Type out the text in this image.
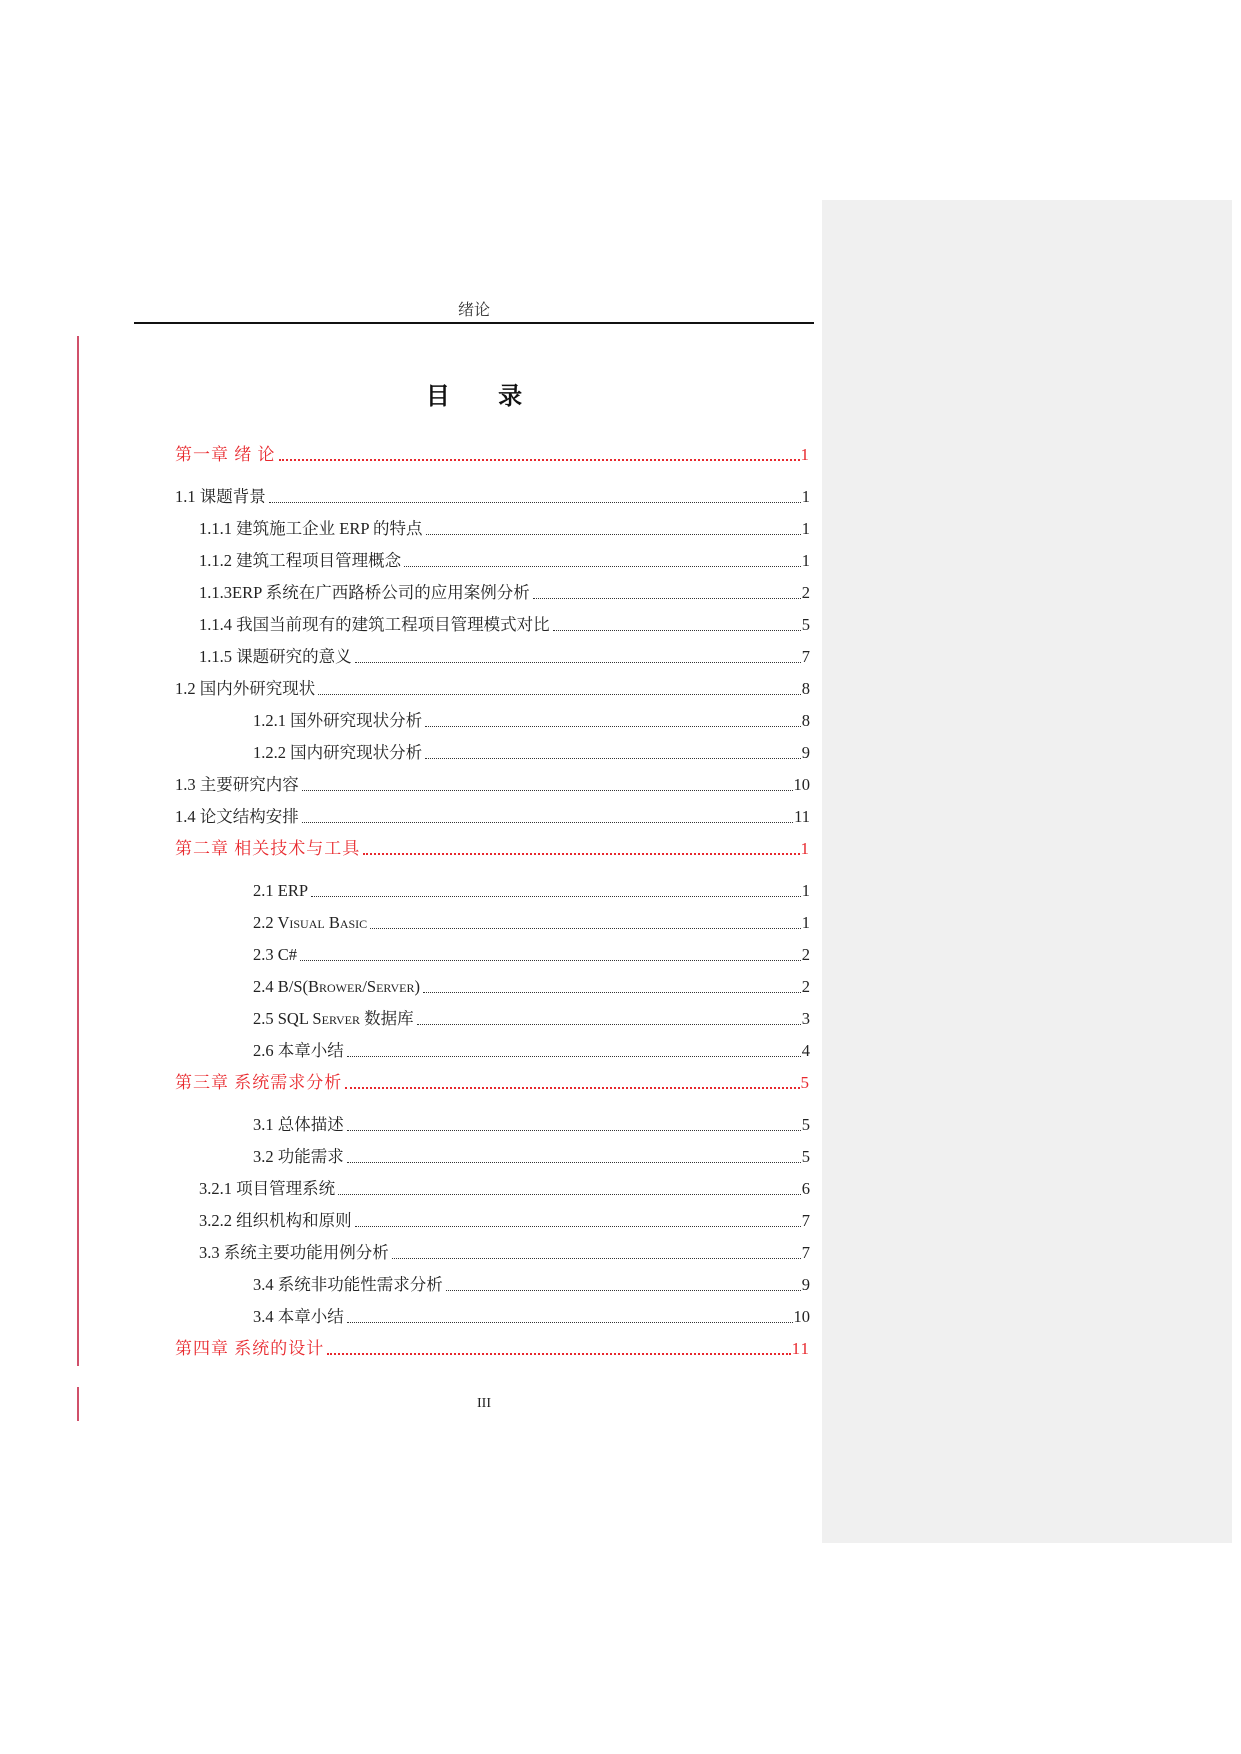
绪论
目 录
第一章 绪 论	1
1.1 课题背景	1
1.1.1 建筑施工企业 ERP 的特点	1
1.1.2 建筑工程项目管理概念	1
1.1.3ERP 系统在广西路桥公司的应用案例分析	2
1.1.4 我国当前现有的建筑工程项目管理模式对比	5
1.1.5 课题研究的意义	7
1.2 国内外研究现状	8
1.2.1 国外研究现状分析	8
1.2.2 国内研究现状分析	9
1.3 主要研究内容	10
1.4 论文结构安排	11
第二章 相关技术与工具	1
2.1 ERP	1
2.2 Visual Basic	1
2.3 C#	2
2.4 B/S(Brower/Server)	2
2.5 SQL Server 数据库	3
2.6 本章小结	4
第三章 系统需求分析	5
3.1 总体描述	5
3.2 功能需求	5
3.2.1 项目管理系统	6
3.2.2 组织机构和原则	7
3.3 系统主要功能用例分析	7
3.4 系统非功能性需求分析	9
3.4 本章小结	10
第四章 系统的设计	11
III
